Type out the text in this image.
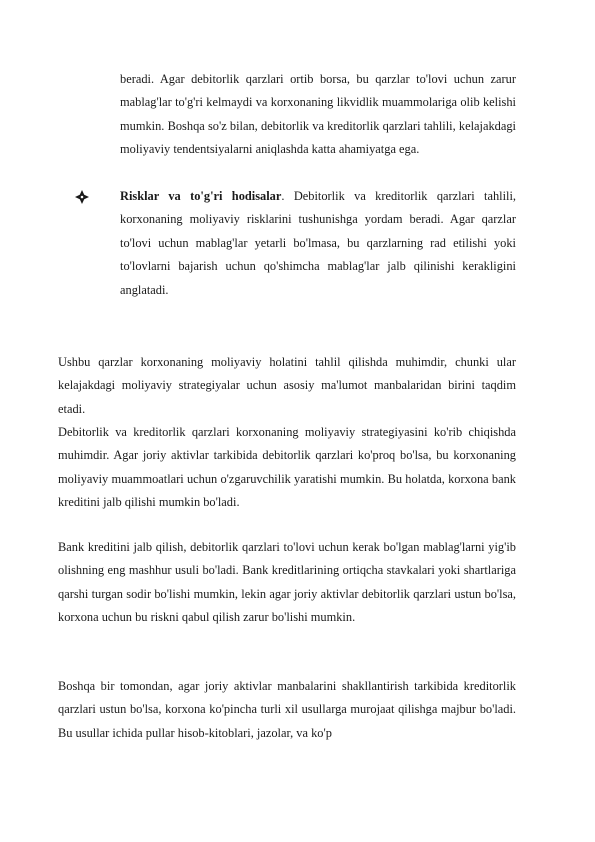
beradi. Agar debitorlik qarzlari ortib borsa, bu qarzlar to'lovi uchun zarur mablag'lar to'g'ri kelmaydi va korxonaning likvidlik muammolariga olib kelishi mumkin. Boshqa so'z bilan, debitorlik va kreditorlik qarzlari tahlili, kelajakdagi moliyaviy tendentsiyalarni aniqlashda katta ahamiyatga ega.

Risklar va to'g'ri hodisalar. Debitorlik va kreditorlik qarzlari tahlili, korxonaning moliyaviy risklarini tushunishga yordam beradi. Agar qarzlar to'lovi uchun mablag'lar yetarli bo'lmasa, bu qarzlarning rad etilishi yoki to'lovlarni bajarish uchun qo'shimcha mablag'lar jalb qilinishi kerakligini anglatadi.

Ushbu qarzlar korxonaning moliyaviy holatini tahlil qilishda muhimdir, chunki ular kelajakdagi moliyaviy strategiyalar uchun asosiy ma'lumot manbalaridan birini taqdim etadi.

Debitorlik va kreditorlik qarzlari korxonaning moliyaviy strategiyasini ko'rib chiqishda muhimdir. Agar joriy aktivlar tarkibida debitorlik qarzlari ko'proq bo'lsa, bu korxonaning moliyaviy muammoatlari uchun o'zgaruvchilik yaratishi mumkin. Bu holatda, korxona bank kreditini jalb qilishi mumkin bo'ladi.

Bank kreditini jalb qilish, debitorlik qarzlari to'lovi uchun kerak bo'lgan mablag'larni yig'ib olishning eng mashhur usuli bo'ladi. Bank kreditlarining ortiqcha stavkalari yoki shartlariga qarshi turgan sodir bo'lishi mumkin, lekin agar joriy aktivlar debitorlik qarzlari ustun bo'lsa, korxona uchun bu riskni qabul qilish zarur bo'lishi mumkin.

Boshqa bir tomondan, agar joriy aktivlar manbalarini shakllantirish tarkibida kreditorlik qarzlari ustun bo'lsa, korxona ko'pincha turli xil usullarga murojaat qilishga majbur bo'ladi. Bu usullar ichida pullar hisob-kitoblari, jazolar, va ko'p
